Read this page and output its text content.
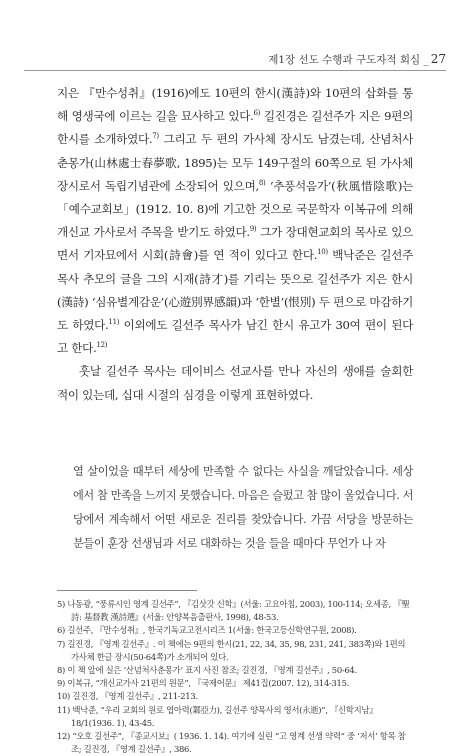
제1장 선도 수행과 구도자적 회심 _ 27

지은 『만수성취』(1916)에도 10편의 한시(漢詩)와 10편의 삽화를 통해 영생국에 이르는 길을 묘사하고 있다.$^{6)}$ 길진경은 길선주가 지은 9편의 한시를 소개하였다.$^{7)}$ 그리고 두 편의 가사체 장시도 남겼는데, 산념처사춘몽가(山林處士春夢歌, 1895)는 모두 149구절의 60쪽으로 된 가사체 장시로서 독립기념관에 소장되어 있으며,$^{8)}$ ‘추풍석음가’(秋風惜陰歌)는 「예수교회보」(1912. 10. 8)에 기고한 것으로 국문학자 이복규에 의해 개신교 가사로서 주목을 받기도 하였다.$^{9)}$ 그가 장대현교회의 목사로 있으면서 기자묘에서 시회(詩會)를 연 적이 있다고 한다.$^{10)}$ 백낙준은 길선주 목사 추모의 글을 그의 시재(詩才)를 기리는 뜻으로 길선주가 지은 한시(漢詩) ‘심유별계감운’(心遊別界感韻)과 ‘한별’(恨別) 두 편으로 마감하기도 하였다.$^{11)}$ 이외에도 길선주 목사가 남긴 한시 유고가 30여 편이 된다고 한다.$^{12)}$

훗날 길선주 목사는 데이비스 선교사를 만나 자신의 생애를 술회한 적이 있는데, 십대 시절의 심경을 이렇게 표현하였다.

열 살이었을 때부터 세상에 만족할 수 없다는 사실을 깨달았습니다. 세상에서 참 만족을 느끼지 못했습니다. 마음은 슬펐고 참 많이 울었습니다. 서당에서 계속해서 어떤 새로운 진리를 찾았습니다. 가끔 서당을 방문하는 분들이 훈장 선생님과 서로 대화하는 것을 들을 때마다 무언가 나 자

5) 나동광, “풍류시인 영계 길선주”, 『김삿갓 신학』(서울: 고요아침, 2003), 100-114; 오세종, 『聖詩: 基督教 漢詩選』(서울: 안양복음출판사, 1998), 48-53.

6) 길선주, 『만수성취』, 한국기독교고전시리즈 1(서울: 한국고등신학연구원, 2008).

7) 길진경, 『영계 길선주』. 이 책에는 9편의 한시(21, 22, 34, 35, 98, 231, 241, 383쪽)와 1편의 가사체 한글 장시(50-64쪽)가 소개되어 있다.

8) 이 책 앞에 실은 ‘산념처사춘몽가’ 표지 사진 참조; 길진경, 『영계 길선주』, 50-64.

9) 이복규, “개신교가사 21편의 원문”, 『국제어문』 제41집(2007. 12), 314-315.

10) 길진경, 『영계 길선주』, 211-213.

11) 백낙준, “우리 교회의 원로 엽아력(鄴亞力), 길선주 양목사의 영서(永逝)”, 『신학지남』 18/1(1936. 1), 43-45.

12) “오호 길선주”, 『종교시보』( 1936. 1. 14). 여기에 실린 “고 영계 선생 약력” 중 ‘저서’ 항목 참조; 길진경, 『영계 길선주』, 386.
